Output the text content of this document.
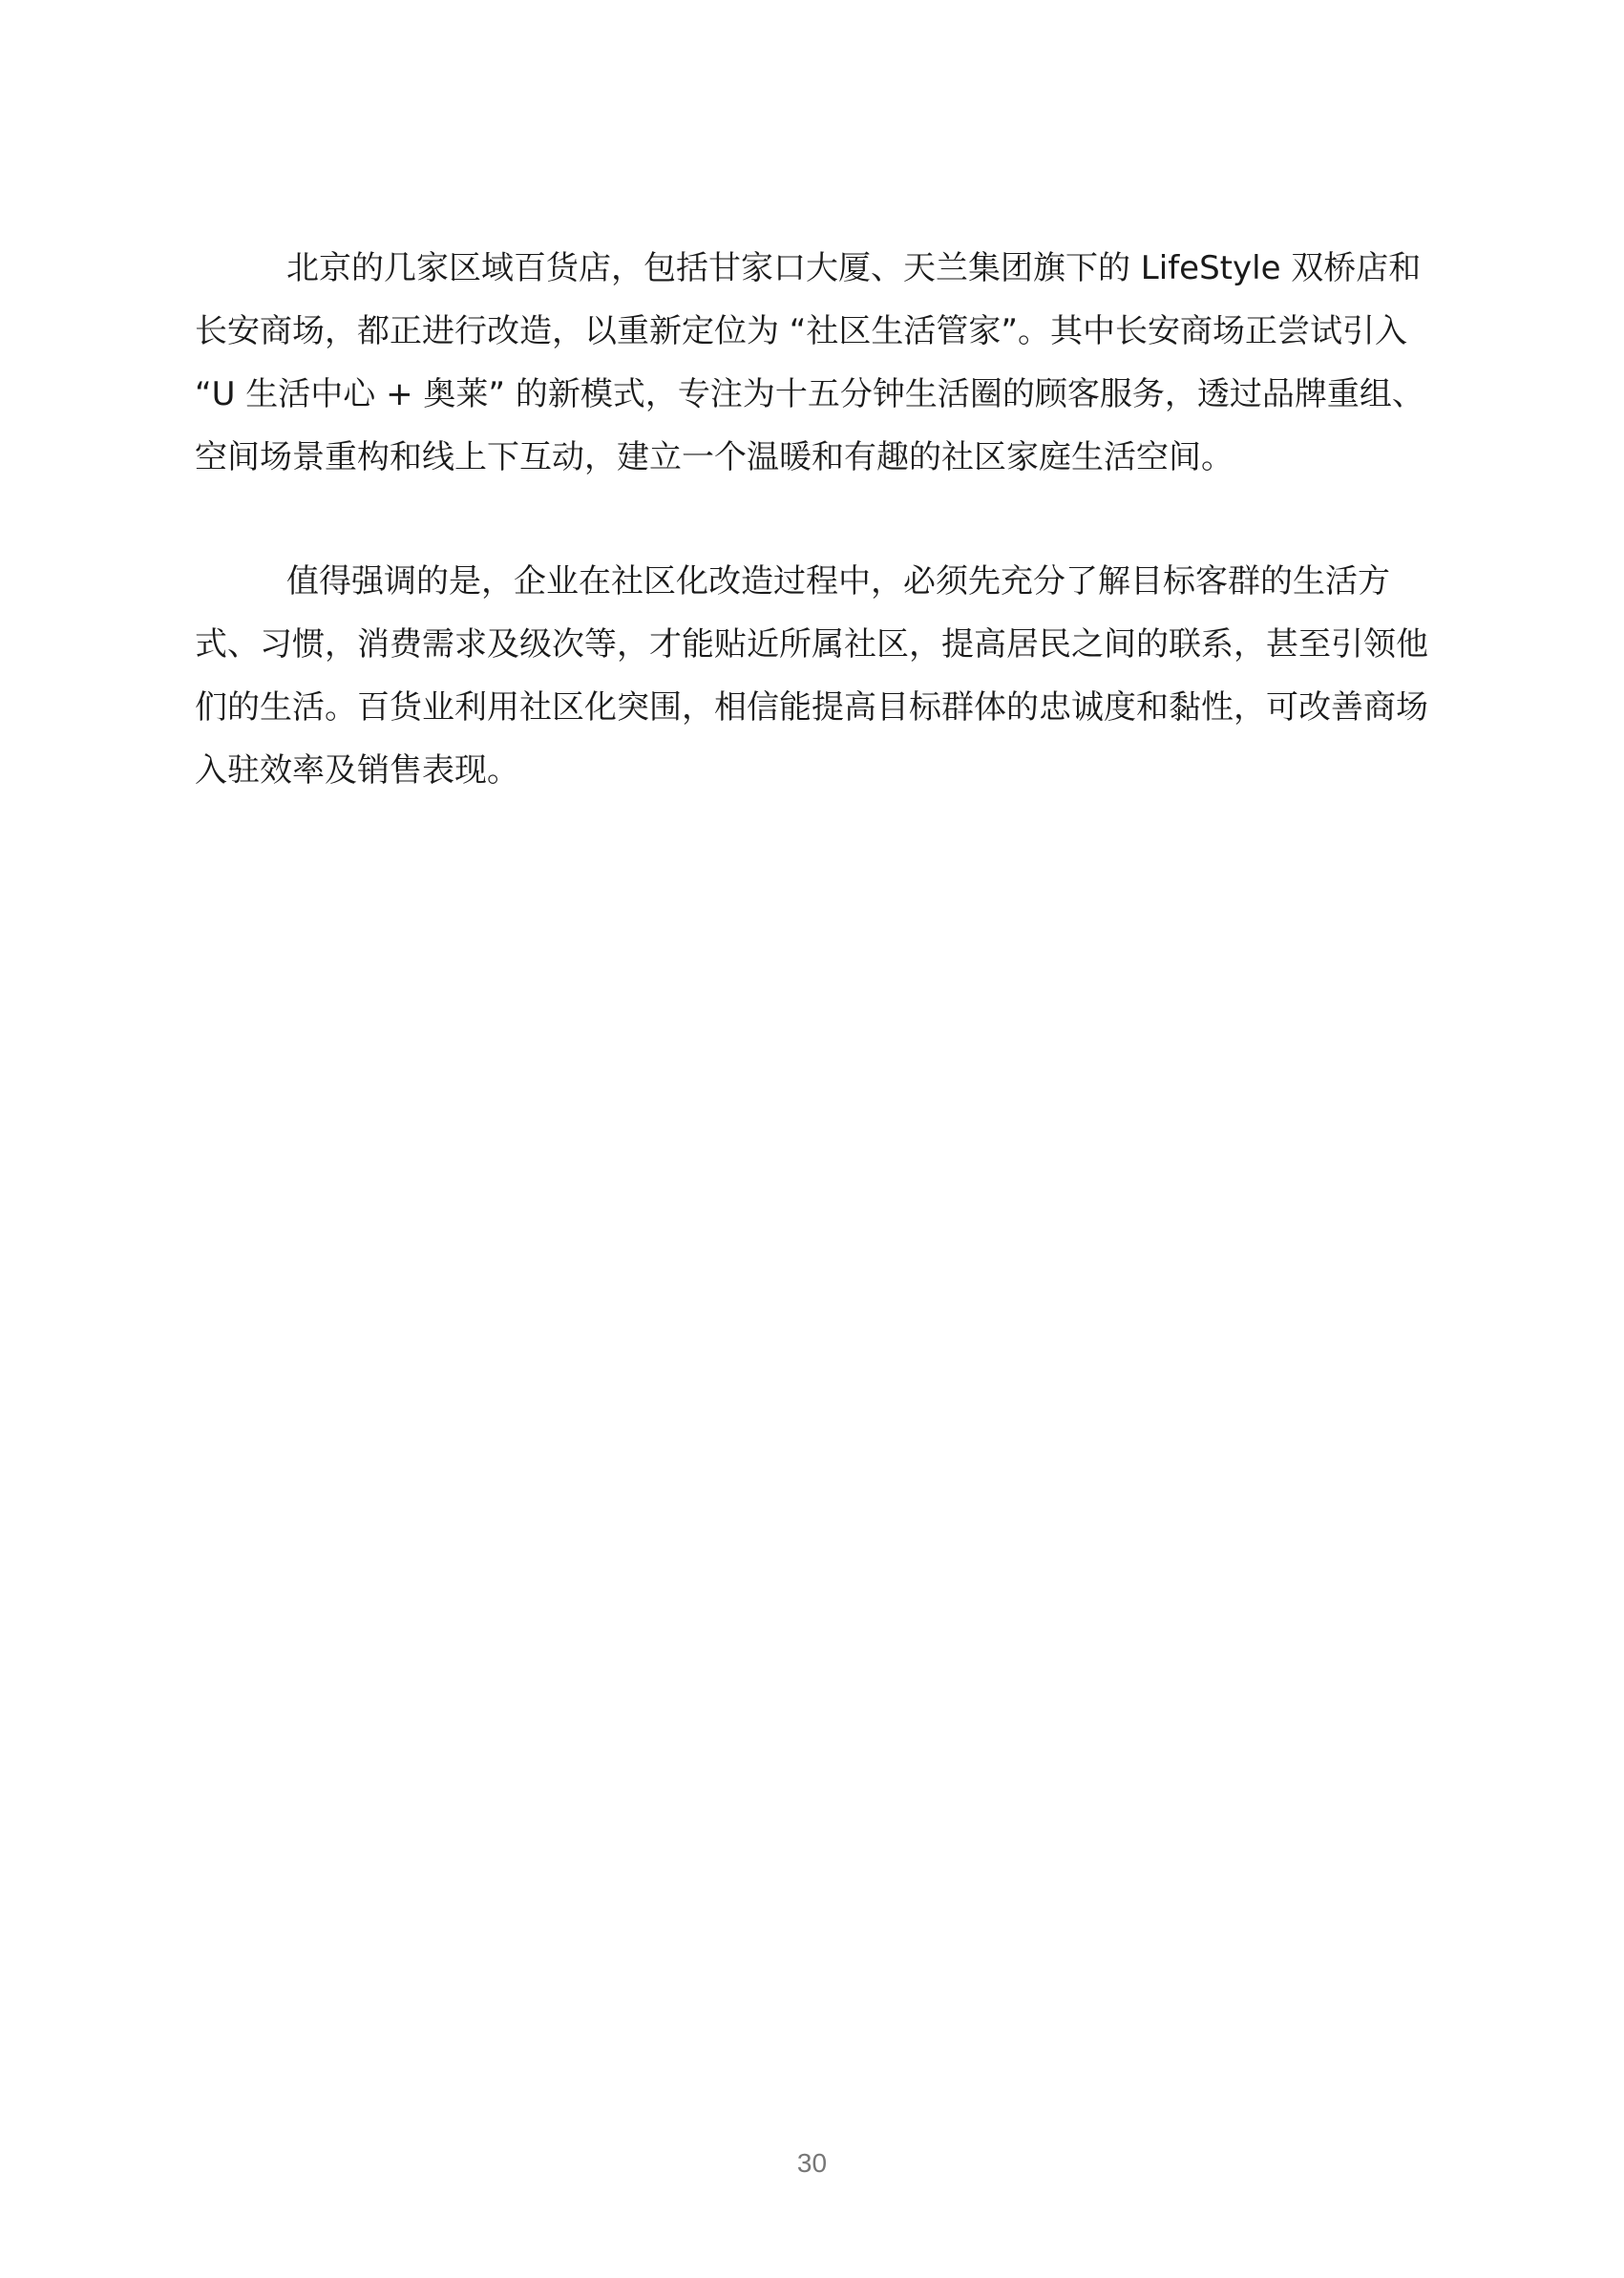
北京的几家区域百货店，包括甘家口大厦、天兰集团旗下的 LifeStyle 双桥店和长安商场，都正进行改造，以重新定位为 “社区生活管家”。其中长安商场正尝试引入 “U 生活中心 + 奥莱” 的新模式，专注为十五分钟生活圈的顾客服务，透过品牌重组、空间场景重构和线上下互动，建立一个温暖和有趣的社区家庭生活空间。

值得强调的是，企业在社区化改造过程中，必须先充分了解目标客群的生活方式、习惯，消费需求及级次等，才能贴近所属社区，提高居民之间的联系，甚至引领他们的生活。百货业利用社区化突围，相信能提高目标群体的忠诚度和黏性，可改善商场入驻效率及销售表现。

30
